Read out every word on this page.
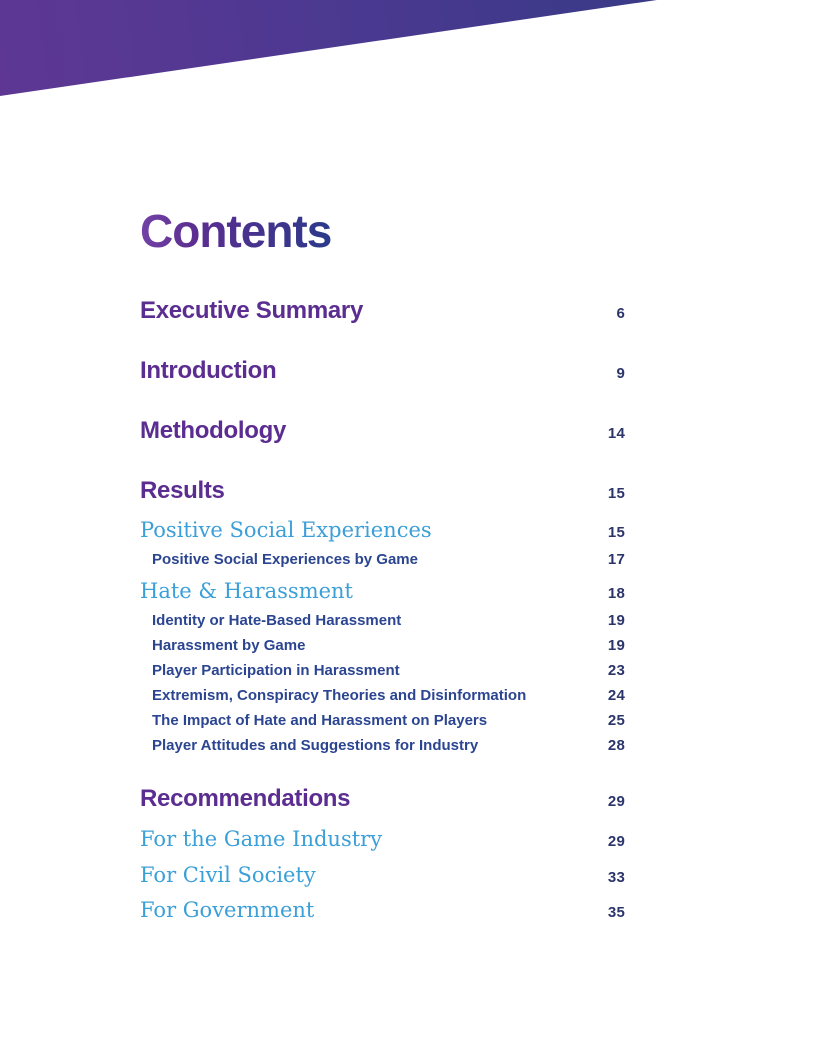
Contents
Executive Summary	6
Introduction	9
Methodology	14
Results	15
Positive Social Experiences	15
Positive Social Experiences by Game	17
Hate & Harassment	18
Identity or Hate-Based Harassment	19
Harassment by Game	19
Player Participation in Harassment	23
Extremism, Conspiracy Theories and Disinformation	24
The Impact of Hate and Harassment on Players	25
Player Attitudes and Suggestions for Industry	28
Recommendations	29
For the Game Industry	29
For Civil Society	33
For Government	35
